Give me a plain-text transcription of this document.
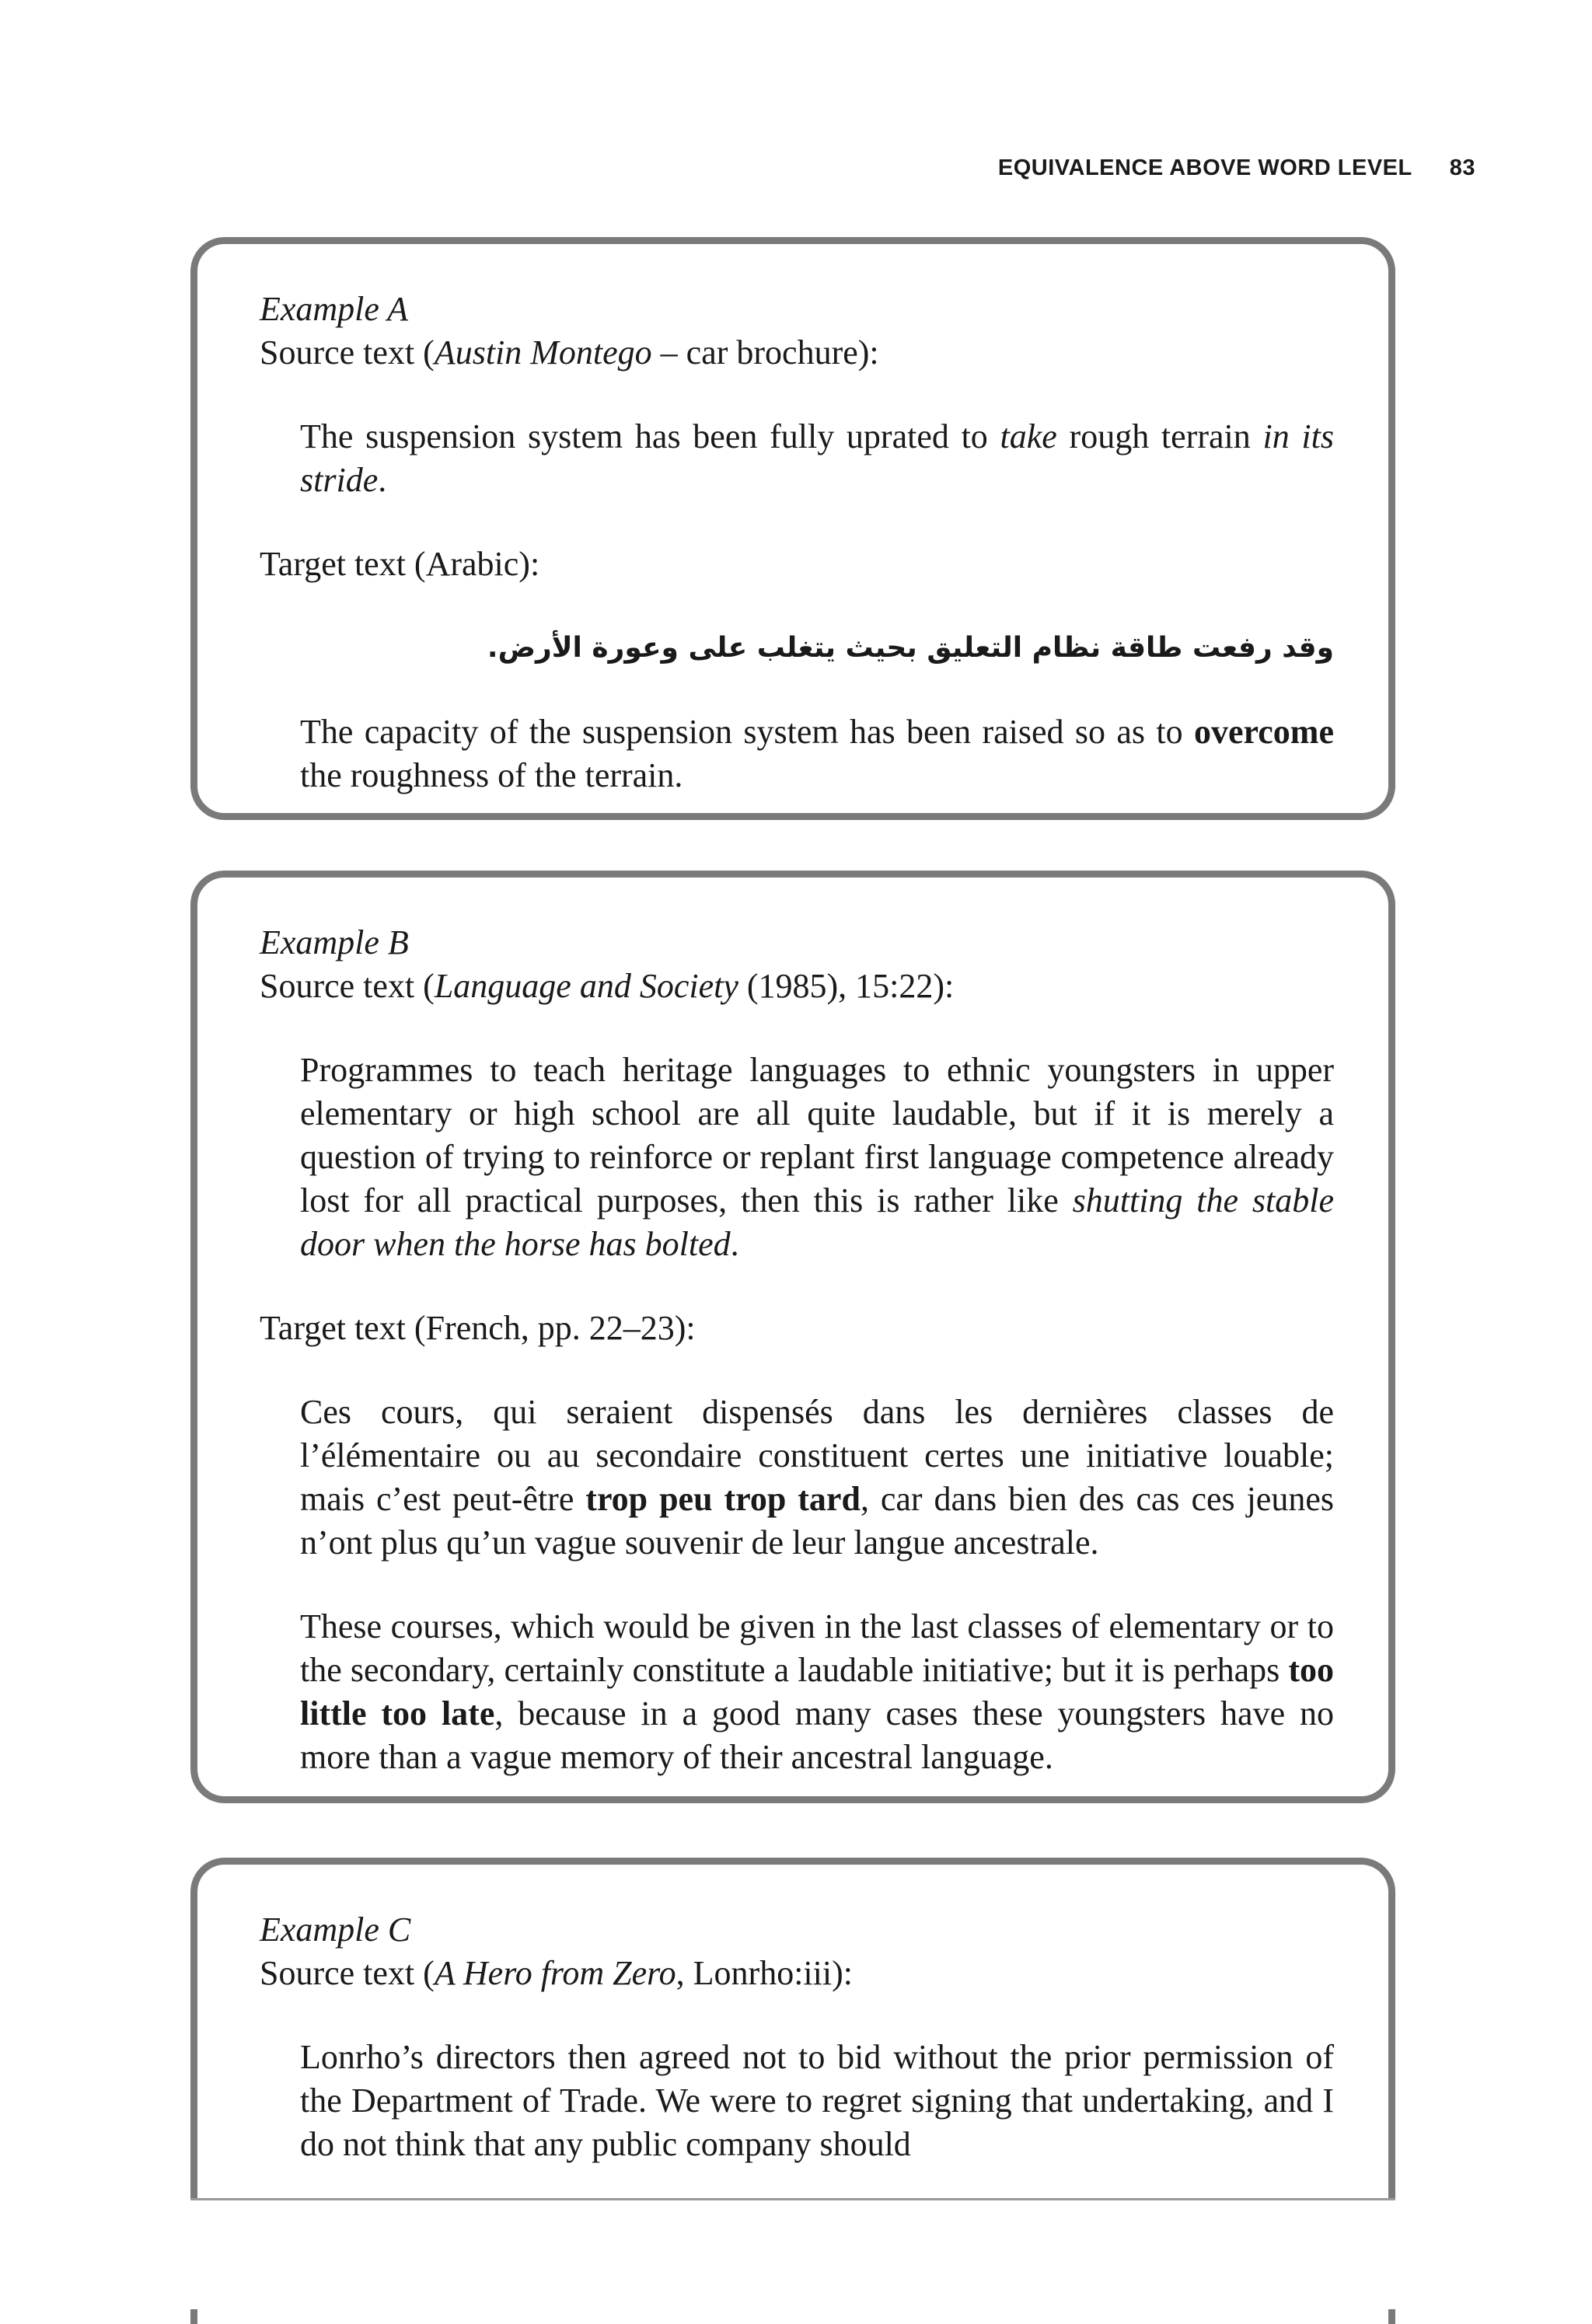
EQUIVALENCE ABOVE WORD LEVEL 83

Example A

Source text (Austin Montego – car brochure):

The suspension system has been fully uprated to take rough terrain in its stride.

Target text (Arabic):

وقد رفعت طاقة نظام التعليق بحيث يتغلب على وعورة الأرض.

The capacity of the suspension system has been raised so as to overcome the roughness of the terrain.

Example B

Source text (Language and Society (1985), 15:22):

Programmes to teach heritage languages to ethnic youngsters in upper elementary or high school are all quite laudable, but if it is merely a question of trying to reinforce or replant first language competence already lost for all practical purposes, then this is rather like shutting the stable door when the horse has bolted.

Target text (French, pp. 22–23):

Ces cours, qui seraient dispensés dans les dernières classes de l’élémentaire ou au secondaire constituent certes une initiative louable; mais c’est peut-être trop peu trop tard, car dans bien des cas ces jeunes n’ont plus qu’un vague souvenir de leur langue ancestrale.

These courses, which would be given in the last classes of elementary or to the secondary, certainly constitute a laudable initiative; but it is perhaps too little too late, because in a good many cases these youngsters have no more than a vague memory of their ancestral language.

Example C

Source text (A Hero from Zero, Lonrho:iii):

Lonrho’s directors then agreed not to bid without the prior permission of the Department of Trade. We were to regret signing that undertaking, and I do not think that any public company should
